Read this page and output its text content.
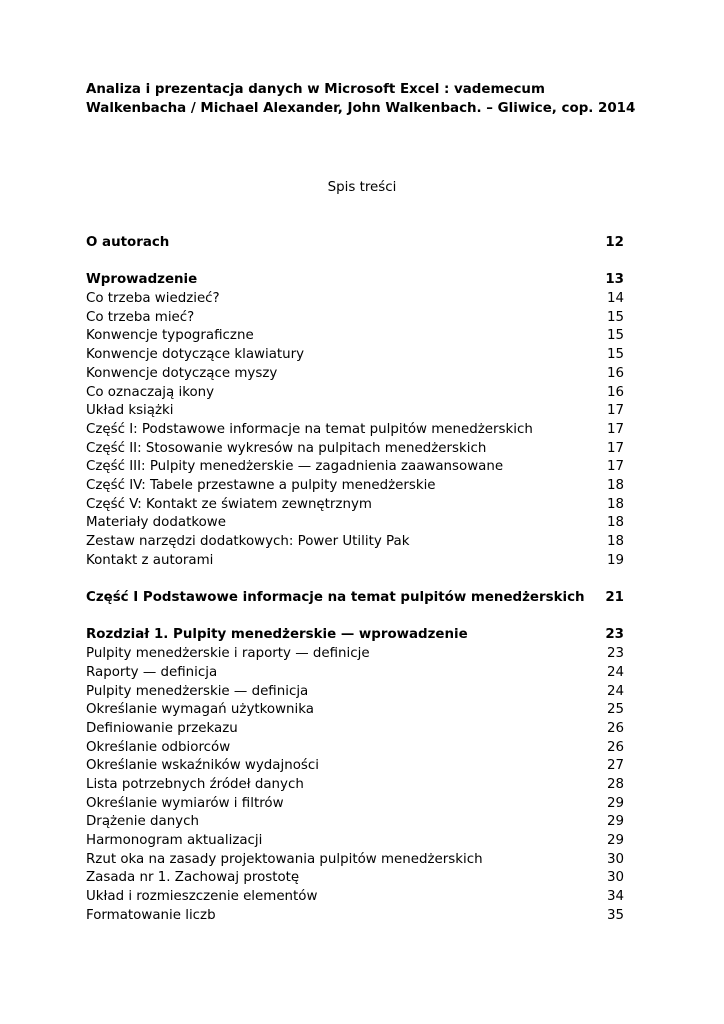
Analiza i prezentacja danych w Microsoft Excel : vademecum Walkenbacha / Michael Alexander, John Walkenbach. – Gliwice, cop. 2014

Spis treści
O autorach	12
Wprowadzenie	13
Co trzeba wiedzieć?	14
Co trzeba mieć?	15
Konwencje typograficzne	15
Konwencje dotyczące klawiatury	15
Konwencje dotyczące myszy	16
Co oznaczają ikony	16
Układ książki	17
Część I: Podstawowe informacje na temat pulpitów menedżerskich	17
Część II: Stosowanie wykresów na pulpitach menedżerskich	17
Część III: Pulpity menedżerskie — zagadnienia zaawansowane	17
Część IV: Tabele przestawne a pulpity menedżerskie	18
Część V: Kontakt ze światem zewnętrznym	18
Materiały dodatkowe	18
Zestaw narzędzi dodatkowych: Power Utility Pak	18
Kontakt z autorami	19
Część I Podstawowe informacje na temat pulpitów menedżerskich 21
Rozdział 1. Pulpity menedżerskie — wprowadzenie	23
Pulpity menedżerskie i raporty — definicje	23
Raporty — definicja	24
Pulpity menedżerskie — definicja	24
Określanie wymagań użytkownika	25
Definiowanie przekazu	26
Określanie odbiorców	26
Określanie wskaźników wydajności	27
Lista potrzebnych źródeł danych	28
Określanie wymiarów i filtrów	29
Drążenie danych	29
Harmonogram aktualizacji	29
Rzut oka na zasady projektowania pulpitów menedżerskich	30
Zasada nr 1. Zachowaj prostotę	30
Układ i rozmieszczenie elementów	34
Formatowanie liczb	35
